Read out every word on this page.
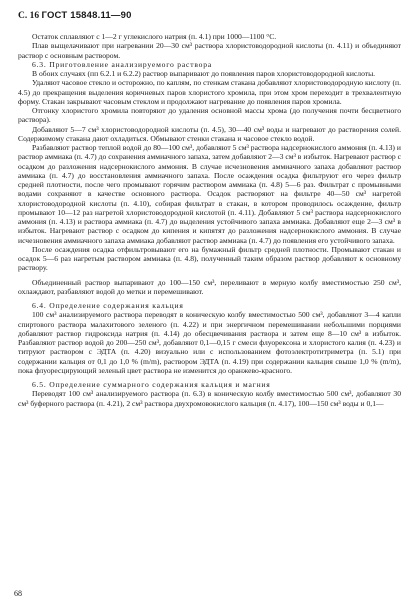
С. 16 ГОСТ 15848.11—90

Остаток сплавляют с 1—2 г углекислого натрия (п. 4.1) при 1000—1100 °С.

Плав выщелачивают при нагревании 20—30 см³ раствора хлористоводородной кислоты (п. 4.11) и объединяют раствор с основным раствором.

6.3. Приготовление анализируемого раствора

В обоих случаях (пп 6.2.1 и 6.2.2) раствор выпаривают до появления паров хлористоводородной кислоты.

Удаляют часовое стекло и осторожно, по каплям, по стенкам стакана добавляют хлористоводородную кислоту (п. 4.5) до прекращения выделения коричневых паров хлористого хромила, при этом хром переходит в трехвалентную форму. Стакан закрывают часовым стеклом и продолжают нагревание до появления паров хромила.

Отгонку хлористого хромила повторяют до удаления основной массы хрома (до получения почти бесцветного раствора).

Добавляют 5—7 см³ хлористоводородной кислоты (п. 4.5), 30—40 см³ воды и нагревают до растворения солей. Содержимому стакана дают охладиться. Обмывают стенки стакана и часовое стекло водой.

Разбавляют раствор теплой водой до 80—100 см³, добавляют 5 см³ раствора надсернокислого аммония (п. 4.13) и раствор аммиака (п. 4.7) до сохранения аммиачного запаха, затем добавляют 2—3 см³ в избыток. Нагревают раствор с осадком до разложения надсернокислого аммония. В случае исчезновения аммиачного запаха добавляют раствор аммиака (п. 4.7) до восстановления аммиачного запаха. После осаждения осадка фильтруют его через фильтр средней плотности, после чего промывают горячим раствором аммиака (п. 4.8) 5—6 раз. Фильтрат с промывными водами сохраняют в качестве основного раствора. Осадок растворяют на фильтре 40—50 см³ нагретой хлористоводородной кислоты (п. 4.10), собирая фильтрат в стакан, в котором проводилось осаждение, фильтр промывают 10—12 раз нагретой хлористоводородной кислотой (п. 4.11). Добавляют 5 см³ раствора надсернокислого аммония (п. 4.13) и раствора аммиака (п. 4.7) до выделения устойчивого запаха аммиака. Добавляют еще 2—3 см³ в избыток. Нагревают раствор с осадком до кипения и кипятят до разложения надсернокислого аммония. В случае исчезновения аммиачного запаха аммиака добавляют раствор аммиака (п. 4.7) до появления его устойчивого запаха.

После осаждения осадка отфильтровывают его на бумажный фильтр средней плотности. Промывают стакан и осадок 5—6 раз нагретым раствором аммиака (п. 4.8), полученный таким образом раствор добавляют к основному раствору.

Объединенный раствор выпаривают до 100—150 см³, переливают в мерную колбу вместимостью 250 см³, охлаждают, разбавляют водой до метки и перемешивают.

6.4. Определение содержания кальция

100 см³ анализируемого раствора переводят в коническую колбу вместимостью 500 см³, добавляют 3—4 капли спиртового раствора малахитового зеленого (п. 4.22) и при энергичном перемешивании небольшими порциями добавляют раствор гидроксида натрия (п. 4.14) до обесцвечивания раствора и затем еще 8—10 см³ в избыток. Разбавляют раствор водой до 200—250 см³, добавляют 0,1—0,15 г смеси флуорексона и хлористого калия (п. 4.23) и титруют раствором с ЭДТА (п. 4.20) визуально или с использованием фотоэлектротитриметра (п. 5.1) при содержании кальция от 0,1 до 1,0 % (m/m), раствором ЭДТА (п. 4.19) при содержании кальция свыше 1,0 % (m/m), пока флуоресцирующий зеленый цвет раствора не изменится до оранжево-красного.

6.5. Определение суммарного содержания кальция и магния

Переводят 100 см³ анализируемого раствора (п. 6.3) в коническую колбу вместимостью 500 см³, добавляют 30 см³ буферного раствора (п. 4.21), 2 см³ раствора двухромовокислого кальция (п. 4.17), 100—150 см³ воды и 0,1—

68
